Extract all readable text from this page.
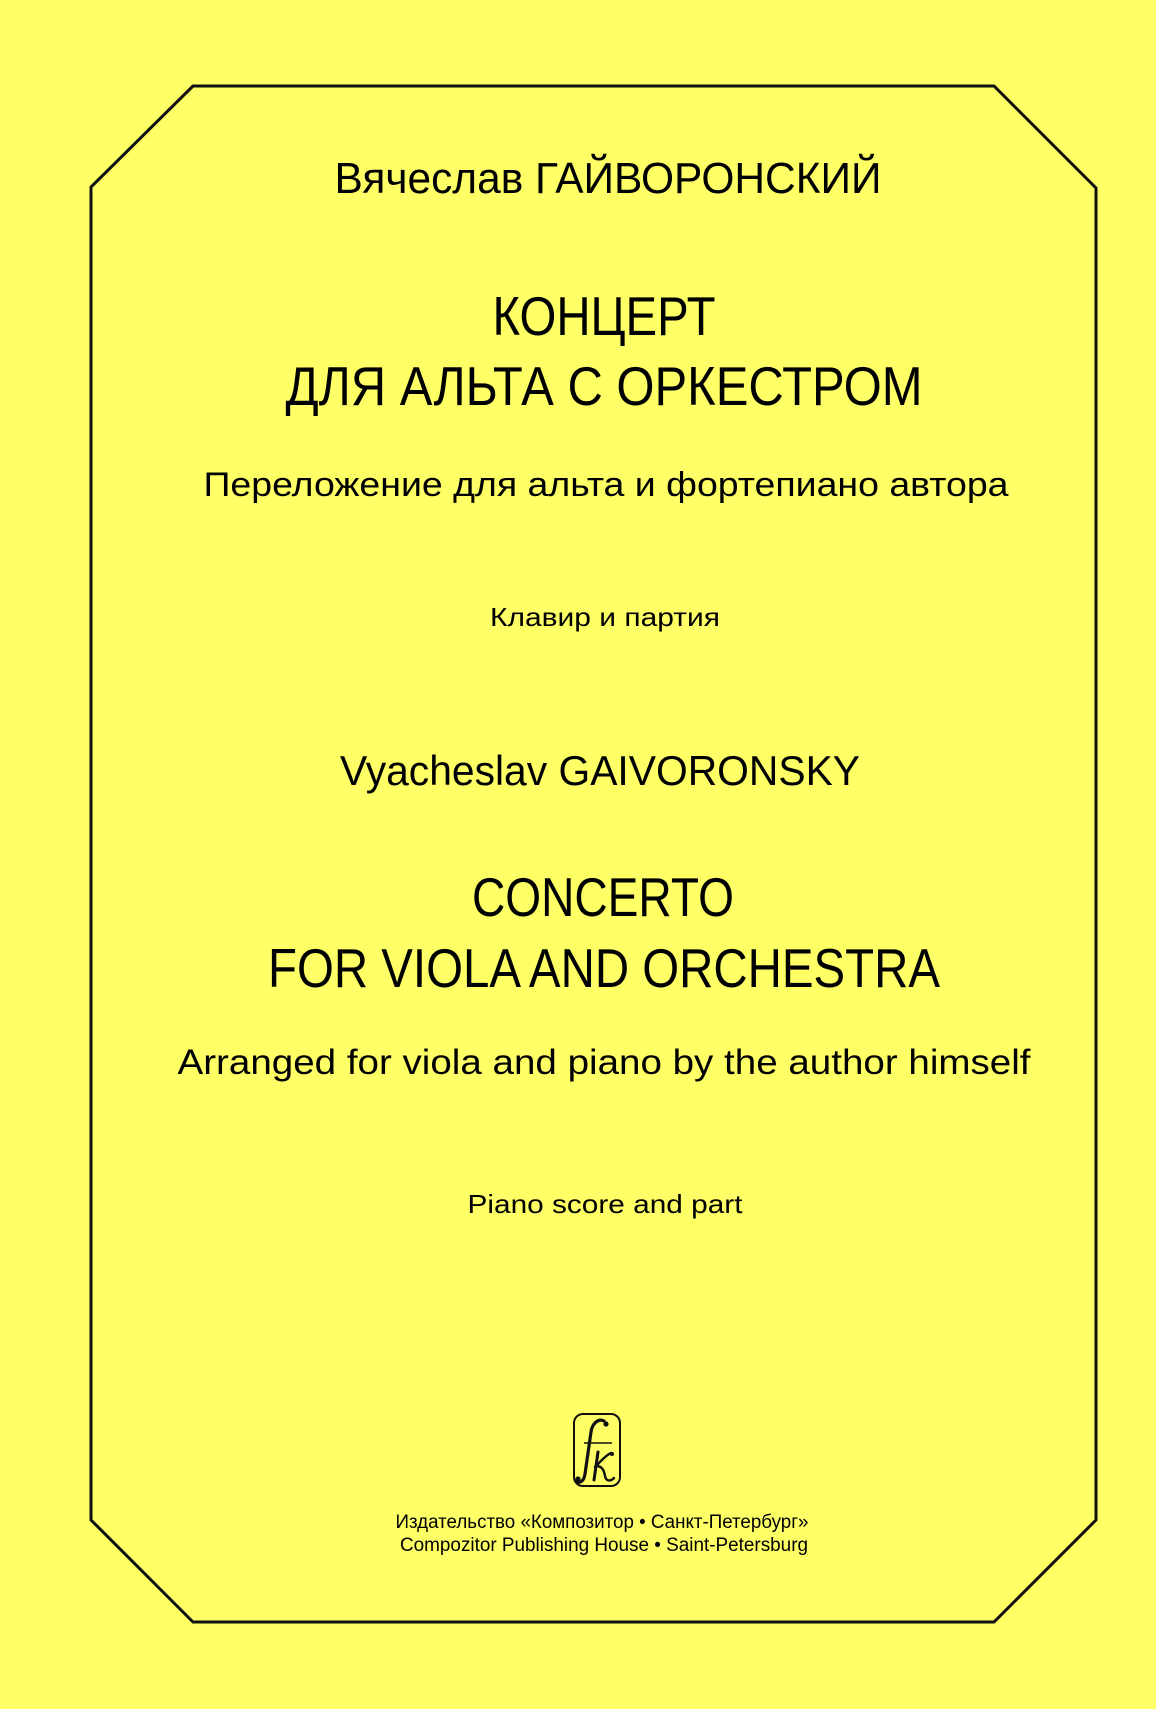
Вячеслав ГАЙВОРОНСКИЙ
КОНЦЕРТ
ДЛЯ АЛЬТА С ОРКЕСТРОМ
Переложение для альта и фортепиано автора
Клавир и партия
Vyacheslav GAIVORONSKY
CONCERTO
FOR VIOLA AND ORCHESTRA
Arranged for viola and piano by the author himself
Piano score and part
Издательство «Композитор • Санкт-Петербург»
Compozitor Publishing House • Saint-Petersburg
